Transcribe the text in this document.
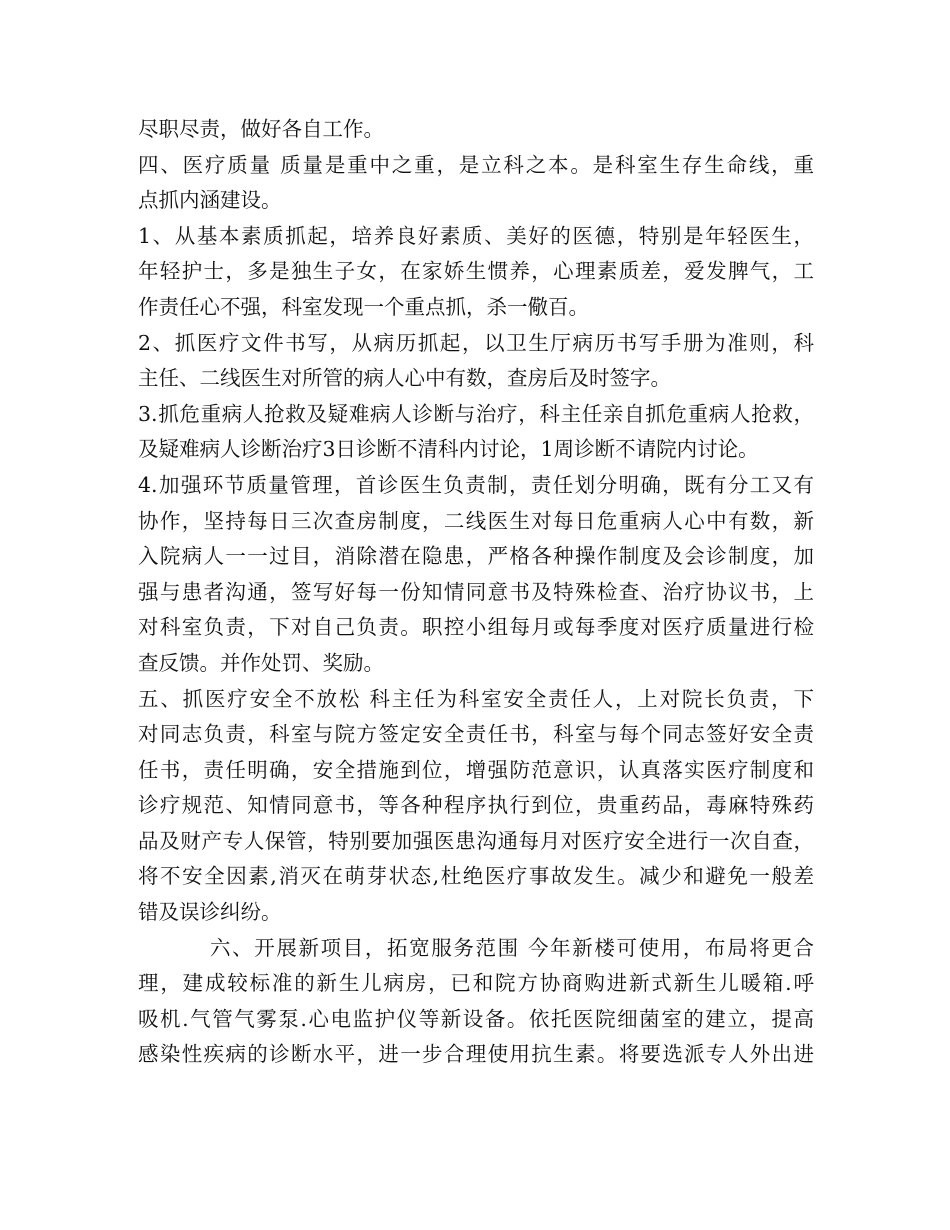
尽职尽责，做好各自工作。
四、医疗质量 质量是重中之重，是立科之本。是科室生存生命线，重
点抓内涵建设。
1、从基本素质抓起，培养良好素质、美好的医德，特别是年轻医生，
年轻护士，多是独生子女，在家娇生惯养，心理素质差，爱发脾气，工
作责任心不强，科室发现一个重点抓，杀一儆百。
2、抓医疗文件书写，从病历抓起，以卫生厅病历书写手册为准则，科
主任、二线医生对所管的病人心中有数，查房后及时签字。
3.抓危重病人抢救及疑难病人诊断与治疗，科主任亲自抓危重病人抢救，
及疑难病人诊断治疗3日诊断不清科内讨论，1周诊断不请院内讨论。
4.加强环节质量管理，首诊医生负责制，责任划分明确，既有分工又有
协作，坚持每日三次查房制度，二线医生对每日危重病人心中有数，新
入院病人一一过目，消除潜在隐患，严格各种操作制度及会诊制度，加
强与患者沟通，签写好每一份知情同意书及特殊检查、治疗协议书，上
对科室负责，下对自己负责。职控小组每月或每季度对医疗质量进行检
查反馈。并作处罚、奖励。
五、抓医疗安全不放松 科主任为科室安全责任人，上对院长负责，下
对同志负责，科室与院方签定安全责任书，科室与每个同志签好安全责
任书，责任明确，安全措施到位，增强防范意识，认真落实医疗制度和
诊疗规范、知情同意书，等各种程序执行到位，贵重药品，毒麻特殊药
品及财产专人保管，特别要加强医患沟通每月对医疗安全进行一次自查，
将不安全因素,消灭在萌芽状态,杜绝医疗事故发生。减少和避免一般差
错及误诊纠纷。
六、开展新项目，拓宽服务范围 今年新楼可使用，布局将更合
理，建成较标准的新生儿病房，已和院方协商购进新式新生儿暖箱.呼
吸机.气管气雾泵.心电监护仪等新设备。依托医院细菌室的建立，提高
感染性疾病的诊断水平，进一步合理使用抗生素。将要选派专人外出进
